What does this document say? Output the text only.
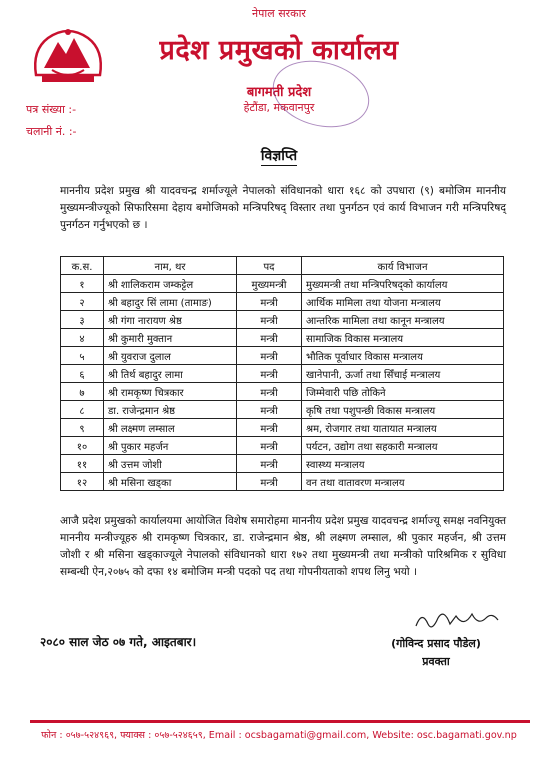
नेपाल सरकार
प्रदेश प्रमुखको कार्यालय
बागमती प्रदेश
हेटौंडा, मकवानपुर
पत्र संख्या :-
चलानी नं. :-
विज्ञप्ति
माननीय प्रदेश प्रमुख श्री यादवचन्द्र शर्माज्यूले नेपालको संविधानको धारा १६८ को उपधारा (९) बमोजिम माननीय मुख्यमन्त्रीज्यूको सिफारिसमा देहाय बमोजिमको मन्त्रिपरिषद् विस्तार तथा पुनर्गठन एवं कार्य विभाजन गरी मन्त्रिपरिषद् पुनर्गठन गर्नुभएको छ ।
क.स.	नाम, थर	पद	कार्य विभाजन
१	श्री शालिकराम जम्कट्टेल	मुख्यमन्त्री	मुख्यमन्त्री तथा मन्त्रिपरिषद्को कार्यालय
२	श्री बहादुर सिं लामा (तामाङ)	मन्त्री	आर्थिक मामिला तथा योजना मन्त्रालय
३	श्री गंगा नारायण श्रेष्ठ	मन्त्री	आन्तरिक मामिला तथा कानून मन्त्रालय
४	श्री कुमारी मुक्तान	मन्त्री	सामाजिक विकास मन्त्रालय
५	श्री युवराज दुलाल	मन्त्री	भौतिक पूर्वाधार विकास मन्त्रालय
६	श्री तिर्थ बहादुर लामा	मन्त्री	खानेपानी, ऊर्जा तथा सिँचाई मन्त्रालय
७	श्री रामकृष्ण चित्रकार	मन्त्री	जिम्मेवारी पछि तोकिने
८	डा. राजेन्द्रमान श्रेष्ठ	मन्त्री	कृषि तथा पशुपन्छी विकास मन्त्रालय
९	श्री लक्ष्मण लम्साल	मन्त्री	श्रम, रोजगार तथा यातायात मन्त्रालय
१०	श्री पुकार महर्जन	मन्त्री	पर्यटन, उद्योग तथा सहकारी मन्त्रालय
११	श्री उत्तम जोशी	मन्त्री	स्वास्थ्य मन्त्रालय
१२	श्री मसिना खड्का	मन्त्री	वन तथा वातावरण मन्त्रालय
आजै प्रदेश प्रमुखको कार्यालयमा आयोजित विशेष समारोहमा माननीय प्रदेश प्रमुख यादवचन्द्र शर्माज्यू समक्ष नवनियुक्त माननीय मन्त्रीज्यूहरु श्री रामकृष्ण चित्रकार, डा. राजेन्द्रमान श्रेष्ठ, श्री लक्ष्मण लम्साल, श्री पुकार महर्जन, श्री उत्तम जोशी र श्री मसिना खड्काज्यूले नेपालको संविधानको धारा १७२ तथा मुख्यमन्त्री तथा मन्त्रीको पारिश्रमिक र सुविधा सम्बन्धी ऐन,२०७५ को दफा १४ बमोजिम मन्त्री पदको पद तथा गोपनीयताको शपथ लिनु भयो ।
२०८० साल जेठ ०७ गते, आइतबार।	(गोविन्द प्रसाद पौडेल)
प्रवक्ता
फोन : ०५७-५२४९६९, फ्याक्स : ०५७-५२४६५९, Email : ocsbagamati@gmail.com, Website: osc.bagamati.gov.np
